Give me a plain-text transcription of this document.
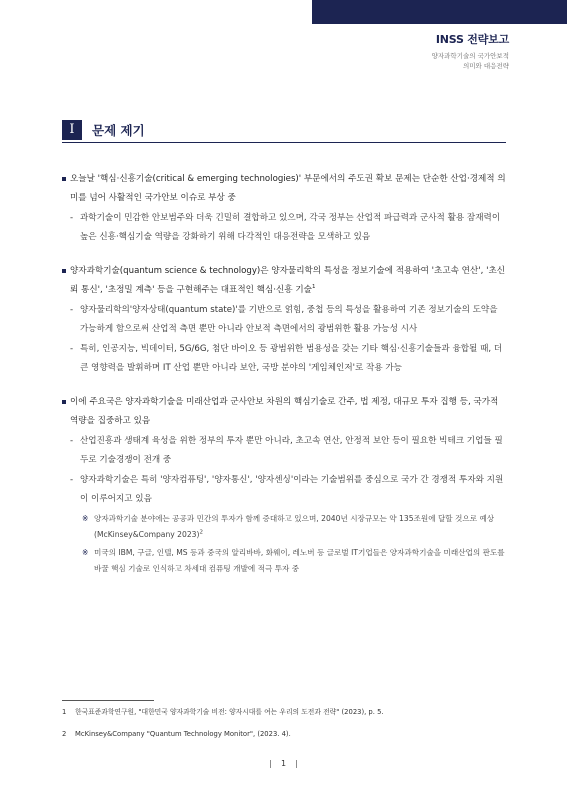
INSS 전략보고
양자과학기술의 국가안보적
의미와 대응전략
I	문제 제기
오늘날 '핵심·신흥기술(critical & emerging technologies)' 부문에서의 주도권 확보 문제는 단순한 산업·경제적 의미를 넘어 사활적인 국가안보 이슈로 부상 중
- 과학기술이 민감한 안보범주와 더욱 긴밀히 결합하고 있으며, 각국 정부는 산업적 파급력과 군사적 활용 잠재력이 높은 신흥·핵심기술 역량을 강화하기 위해 다각적인 대응전략을 모색하고 있음
양자과학기술(quantum science & technology)은 양자물리학의 특성을 정보기술에 적용하여 '초고속 연산', '초신뢰 통신', '초정밀 계측' 등을 구현해주는 대표적인 핵심·신흥 기술$^1$
- 양자물리학의'양자상태(quantum state)'를 기반으로 얽힘, 중첩 등의 특성을 활용하여 기존 정보기술의 도약을 가능하게 함으로써 산업적 측면 뿐만 아니라 안보적 측면에서의 광범위한 활용 가능성 시사
- 특히, 인공지능, 빅데이터, 5G/6G, 첨단 바이오 등 광범위한 범용성을 갖는 기타 핵심·신흥기술들과 융합될 때, 더 큰 영향력을 발휘하며 IT 산업 뿐만 아니라 보안, 국방 분야의 '게임체인저'로 작용 가능
이에 주요국은 양자과학기술을 미래산업과 군사안보 차원의 핵심기술로 간주, 법 제정, 대규모 투자 집행 등, 국가적 역량을 집중하고 있음
- 산업진흥과 생태계 육성을 위한 정부의 투자 뿐만 아니라, 초고속 연산, 안정적 보안 등이 필요한 빅테크 기업들 필두로 기술경쟁이 전개 중
- 양자과학기술은 특히 '양자컴퓨팅', '양자통신', '양자센싱'이라는 기술범위를 중심으로 국가 간 경쟁적 투자와 지원이 이루어지고 있음
※ 양자과학기술 분야에는 공공과 민간의 투자가 함께 증대하고 있으며, 2040년 시장규모는 약 135조원에 달할 것으로 예상(McKinsey&Company 2023)$^2$
※ 미국의 IBM, 구글, 인텔, MS 등과 중국의 알리바바, 화웨이, 레노버 등 글로벌 IT기업들은 양자과학기술을 미래산업의 판도를 바꿀 핵심 기술로 인식하고 차세대 컴퓨팅 개발에 적극 투자 중
1 한국표준과학연구원, "대한민국 양자과학기술 비전: 양자시대를 여는 우리의 도전과 전략" (2023), p. 5.
2 McKinsey&Company "Quantum Technology Monitor", (2023. 4).
| 1 |
